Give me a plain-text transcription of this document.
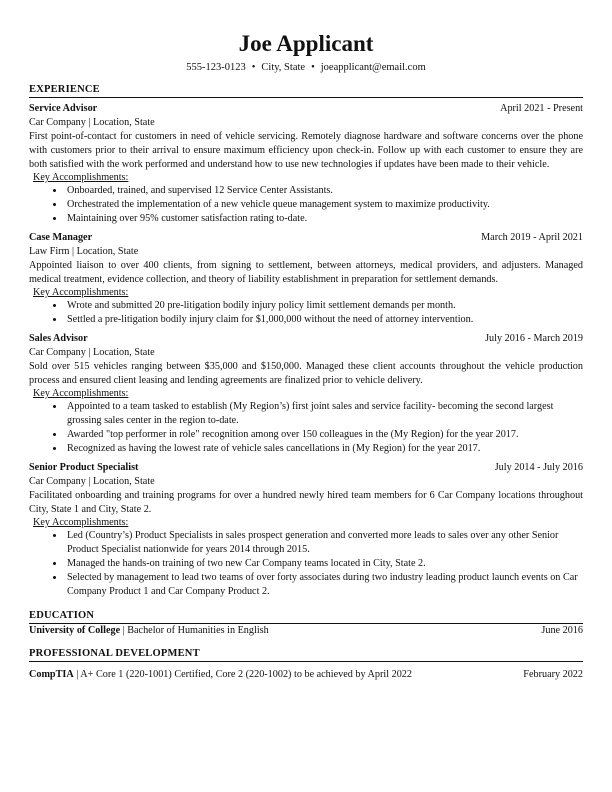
Joe Applicant
555-123-0123 • City, State • joeapplicant@email.com
EXPERIENCE
Service Advisor	April 2021 - Present
Car Company | Location, State
First point-of-contact for customers in need of vehicle servicing. Remotely diagnose hardware and software concerns over the phone with customers prior to their arrival to ensure maximum efficiency upon check-in. Follow up with each customer to ensure they are both satisfied with the work performed and understand how to use new technologies if updates have been made to their vehicle.
Key Accomplishments:
• Onboarded, trained, and supervised 12 Service Center Assistants.
• Orchestrated the implementation of a new vehicle queue management system to maximize productivity.
• Maintaining over 95% customer satisfaction rating to-date.
Case Manager	March 2019 - April 2021
Law Firm | Location, State
Appointed liaison to over 400 clients, from signing to settlement, between attorneys, medical providers, and adjusters. Managed medical treatment, evidence collection, and theory of liability establishment in preparation for settlement demands.
Key Accomplishments:
• Wrote and submitted 20 pre-litigation bodily injury policy limit settlement demands per month.
• Settled a pre-litigation bodily injury claim for $1,000,000 without the need of attorney intervention.
Sales Advisor	July 2016 - March 2019
Car Company | Location, State
Sold over 515 vehicles ranging between $35,000 and $150,000. Managed these client accounts throughout the vehicle production process and ensured client leasing and lending agreements are finalized prior to vehicle delivery.
Key Accomplishments:
• Appointed to a team tasked to establish (My Region’s) first joint sales and service facility- becoming the second largest grossing sales center in the region to-date.
• Awarded "top performer in role" recognition among over 150 colleagues in the (My Region) for the year 2017.
• Recognized as having the lowest rate of vehicle sales cancellations in (My Region) for the year 2017.
Senior Product Specialist	July 2014 - July 2016
Car Company | Location, State
Facilitated onboarding and training programs for over a hundred newly hired team members for 6 Car Company locations throughout City, State 1 and City, State 2.
Key Accomplishments:
• Led (Country’s) Product Specialists in sales prospect generation and converted more leads to sales over any other Senior Product Specialist nationwide for years 2014 through 2015.
• Managed the hands-on training of two new Car Company teams located in City, State 2.
• Selected by management to lead two teams of over forty associates during two industry leading product launch events on Car Company Product 1 and Car Company Product 2.
EDUCATION
University of College | Bachelor of Humanities in English	June 2016
PROFESSIONAL DEVELOPMENT
CompTIA | A+ Core 1 (220-1001) Certified, Core 2 (220-1002) to be achieved by April 2022	February 2022
